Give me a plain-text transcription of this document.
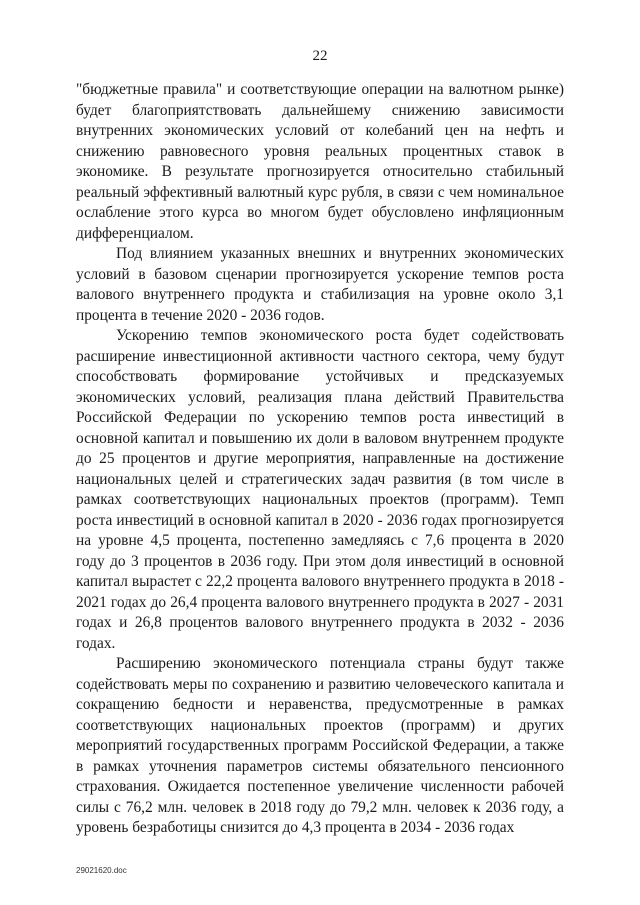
22

"бюджетные правила" и соответствующие операции на валютном рынке) будет благоприятствовать дальнейшему снижению зависимости внутренних экономических условий от колебаний цен на нефть и снижению равновесного уровня реальных процентных ставок в экономике. В результате прогнозируется относительно стабильный реальный эффективный валютный курс рубля, в связи с чем номинальное ослабление этого курса во многом будет обусловлено инфляционным дифференциалом.

Под влиянием указанных внешних и внутренних экономических условий в базовом сценарии прогнозируется ускорение темпов роста валового внутреннего продукта и стабилизация на уровне около 3,1 процента в течение 2020 - 2036 годов.

Ускорению темпов экономического роста будет содействовать расширение инвестиционной активности частного сектора, чему будут способствовать формирование устойчивых и предсказуемых экономических условий, реализация плана действий Правительства Российской Федерации по ускорению темпов роста инвестиций в основной капитал и повышению их доли в валовом внутреннем продукте до 25 процентов и другие мероприятия, направленные на достижение национальных целей и стратегических задач развития (в том числе в рамках соответствующих национальных проектов (программ). Темп роста инвестиций в основной капитал в 2020 - 2036 годах прогнозируется на уровне 4,5 процента, постепенно замедляясь с 7,6 процента в 2020 году до 3 процентов в 2036 году. При этом доля инвестиций в основной капитал вырастет с 22,2 процента валового внутреннего продукта в 2018 - 2021 годах до 26,4 процента валового внутреннего продукта в 2027 - 2031 годах и 26,8 процентов валового внутреннего продукта в 2032 - 2036 годах.

Расширению экономического потенциала страны будут также содействовать меры по сохранению и развитию человеческого капитала и сокращению бедности и неравенства, предусмотренные в рамках соответствующих национальных проектов (программ) и других мероприятий государственных программ Российской Федерации, а также в рамках уточнения параметров системы обязательного пенсионного страхования. Ожидается постепенное увеличение численности рабочей силы с 76,2 млн. человек в 2018 году до 79,2 млн. человек к 2036 году, а уровень безработицы снизится до 4,3 процента в 2034 - 2036 годах

29021620.doc
